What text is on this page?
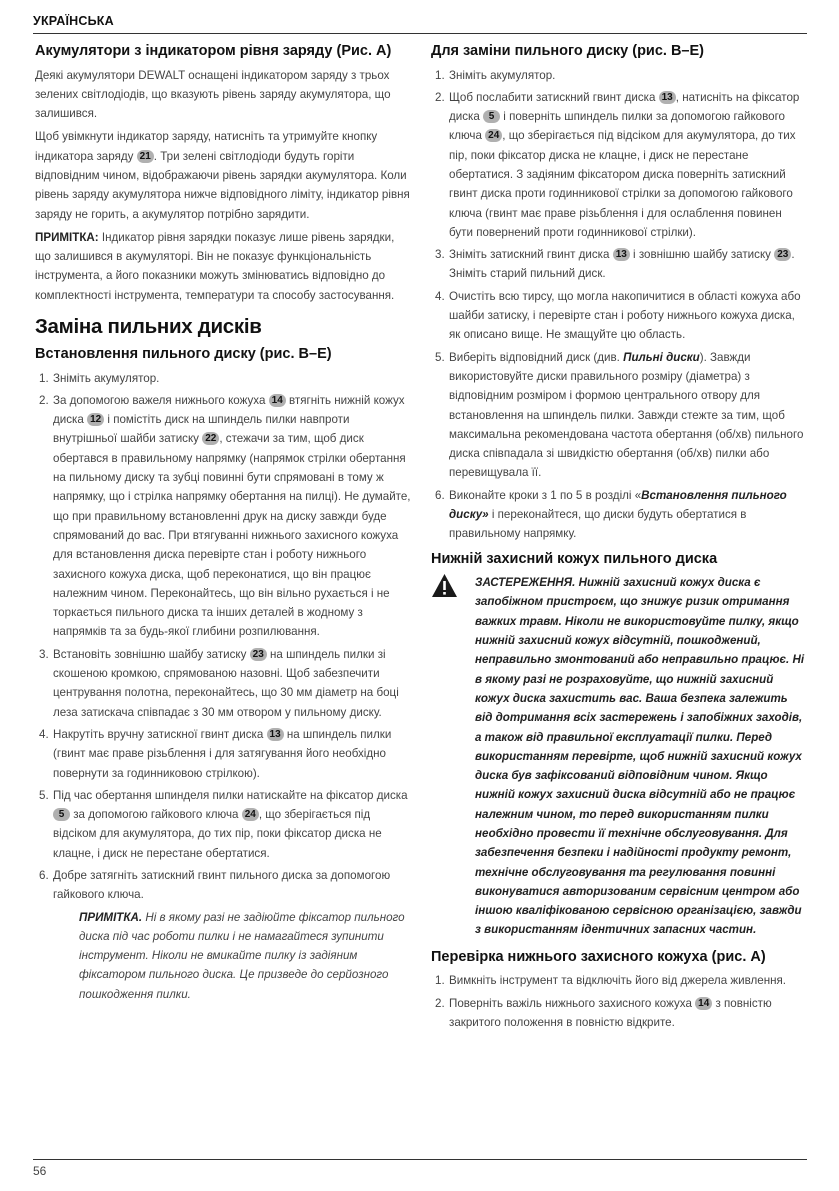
УКРАЇНСЬКА
Акумулятори з індикатором рівня заряду (Рис. A)

Деякі акумулятори DEWALT оснащені індикатором заряду з трьох зелених світлодіодів, що вказують рівень заряду акумулятора, що залишився.

Щоб увімкнути індикатор заряду, натисніть та утримуйте кнопку індикатора заряду 21 . Три зелені світлодіоди будуть горіти відповідним чином, відображаючи рівень зарядки акумулятора. Коли рівень заряду акумулятора нижче відповідного ліміту, індикатор рівня заряду не горить, а акумулятор потрібно зарядити.

ПРИМІТКА: Індикатор рівня зарядки показує лише рівень зарядки, що залишився в акумуляторі. Він не показує функціональність інструмента, а його показники можуть змінюватись відповідно до комплектності інструмента, температури та способу застосування.

Заміна пильних дисків
Встановлення пильного диску (рис. B–E)
1. Зніміть акумулятор.
2. За допомогою важеля нижнього кожуха 14 втягніть нижній кожух диска 12 і помістіть диск на шпиндель пилки навпроти внутрішньої шайби затиску 22 , стежачи за тим, щоб диск обертався в правильному напрямку (напрямок стрілки обертання на пильному диску та зубці повинні бути спрямовані в тому ж напрямку, що і стрілка напрямку обертання на пилці). Не думайте, що при правильному встановленні друк на диску завжди буде спрямований до вас. При втягуванні нижнього захисного кожуха для встановлення диска перевірте стан і роботу нижнього захисного кожуха диска, щоб переконатися, що він працює належним чином. Переконайтесь, що він вільно рухається і не торкається пильного диска та інших деталей в жодному з напрямків та за будь-якої глибини розпилювання.
3. Встановіть зовнішню шайбу затиску 23 на шпиндель пилки зі скошеною кромкою, спрямованою назовні. Щоб забезпечити центрування полотна, переконайтесь, що 30 мм діаметр на боці леза затискача співпадає з 30 мм отвором у пильному диску.
4. Накрутіть вручну затискної гвинт диска 13 на шпиндель пилки (гвинт має праве різьблення і для затягування його необхідно повернути за годинниковою стрілкою).
5. Під час обертання шпинделя пилки натискайте на фіксатор диска 5 за допомогою гайкового ключа 24 , що зберігається під відсіком для акумулятора, до тих пір, поки фіксатор диска не клацне, і диск не перестане обертатися.
6. Добре затягніть затискний гвинт пильного диска за допомогою гайкового ключа.

ПРИМІТКА. Ні в якому разі не задіюйте фіксатор пильного диска під час роботи пилки і не намагайтеся зупинити інструмент. Ніколи не вмикайте пилку із задіяним фіксатором пильного диска. Це призведе до серйозного пошкодження пилки.

Для заміни пильного диску (рис. B–E)
1. Зніміть акумулятор.
2. Щоб послабити затискний гвинт диска 13 , натисніть на фіксатор диска 5 і поверніть шпиндель пилки за допомогою гайкового ключа 24 , що зберігається під відсіком для акумулятора, до тих пір, поки фіксатор диска не клацне, і диск не перестане обертатися. З задіяним фіксатором диска поверніть затискний гвинт диска проти годинникової стрілки за допомогою гайкового ключа (гвинт має праве різьблення і для ослаблення повинен бути повернений проти годинникової стрілки).
3. Зніміть затискний гвинт диска 13 і зовнішню шайбу затиску 23 . Зніміть старий пильний диск.
4. Очистіть всю тирсу, що могла накопичитися в області кожуха або шайби затиску, і перевірте стан і роботу нижнього кожуха диска, як описано вище. Не змащуйте цю область.
5. Виберіть відповідний диск (див. Пильні диски). Завжди використовуйте диски правильного розміру (діаметра) з відповідним розміром і формою центрального отвору для встановлення на шпиндель пилки. Завжди стежте за тим, щоб максимальна рекомендована частота обертання (об/хв) пильного диска співпадала зі швидкістю обертання (об/хв) пилки або перевищувала її.
6. Виконайте кроки з 1 по 5 в розділі «Встановлення пильного диску» і переконайтеся, що диски будуть обертатися в правильному напрямку.
Нижній захисний кожух пильного диска

ЗАСТЕРЕЖЕННЯ. Нижній захисний кожух диска є запобіжном пристроєм, що знижує ризик отримання важких травм. Ніколи не використовуйте пилку, якщо нижній захисний кожух відсутній, пошкоджений, неправильно змонтований або неправильно працює. Ні в якому разі не розраховуйте, що нижній захисний кожух диска захистить вас. Ваша безпека залежить від дотримання всіх застережень і запобіжних заходів, а також від правильної експлуатації пилки. Перед використанням перевірте, щоб нижній захисний кожух диска був зафіксований відповідним чином. Якщо нижній кожух захисний диска відсутній або не працює належним чином, то перед використанням пилки необхідно провести її технічне обслуговування. Для забезпечення безпеки і надійності продукту ремонт, технічне обслуговування та регулювання повинні виконуватися авторизованим сервісним центром або іншою кваліфікованою сервісною організацією, завжди з використанням ідентичних запасних частин.

Перевірка нижнього захисного кожуха (рис. A)
1. Вимкніть інструмент та відключіть його від джерела живлення.
2. Поверніть важіль нижнього захисного кожуха 14 з повністю закритого положення в повністю відкрите.
56
